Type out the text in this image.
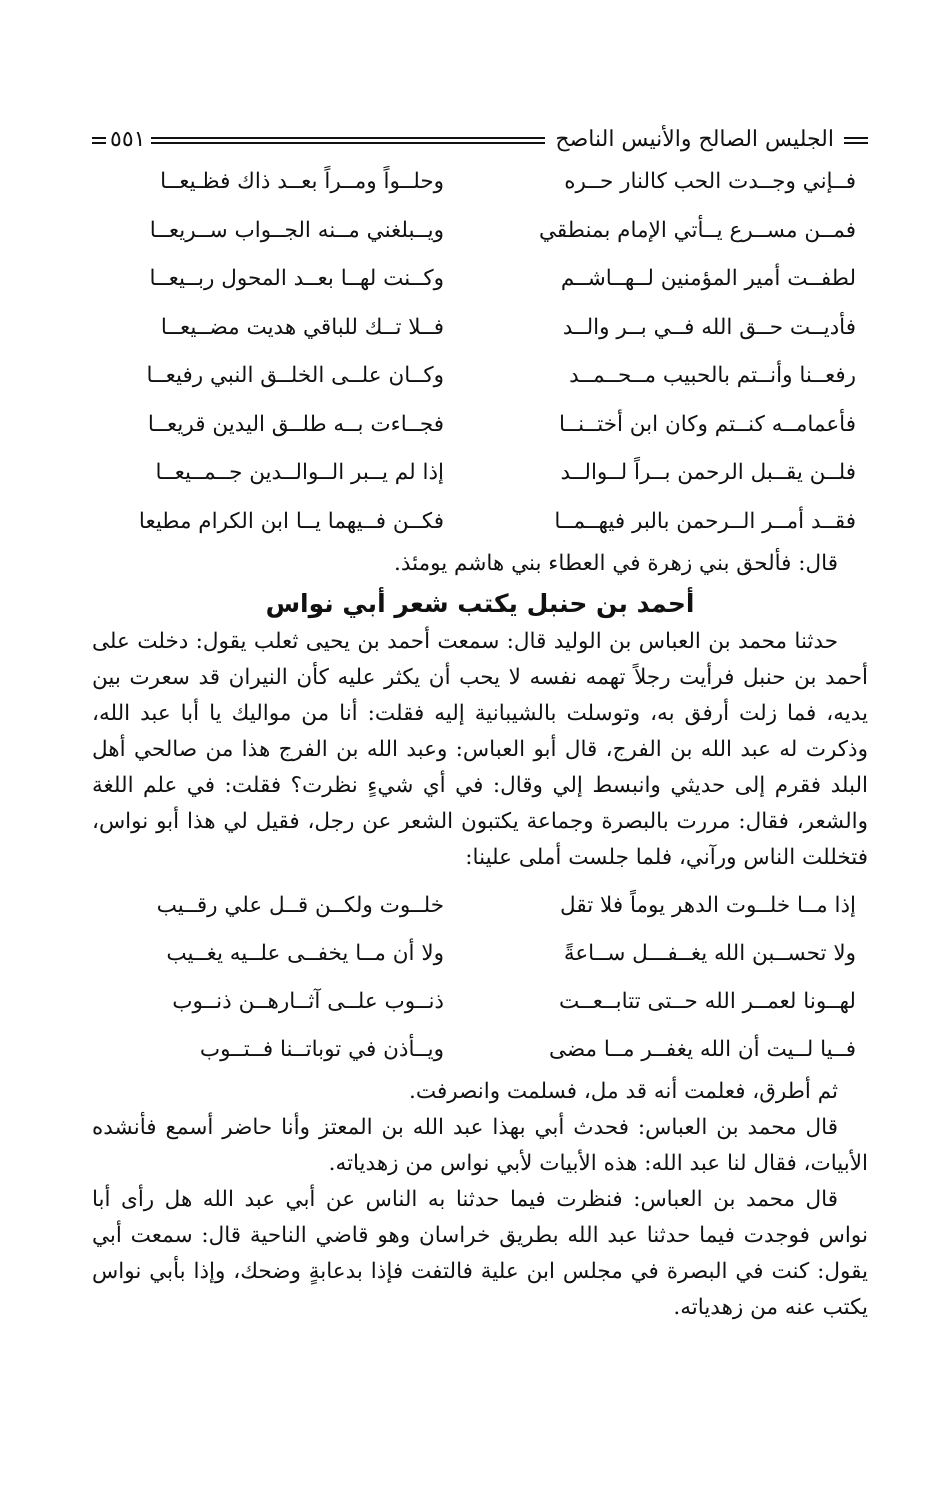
الجليس الصالح والأنيس الناصح
٥٥١
فــإني وجــدت الحب كالنار حــره
وحلــواً ومــراً بعــد ذاك فظـيعــا
فمــن مســرع يــأتي الإمام بمنطقي
ويــبلغني مــنه الجــواب ســريعــا
لطفــت أمير المؤمنين لــهــاشــم
وكــنت لهــا بعــد المحول ربــيعــا
فأديــت حــق الله فــي بــر والــد
فــلا تــك للباقي هديت مضــيعــا
رفعــنا وأنــتم بالحبيب مــحــمــد
وكــان علــى الخلــق النبي رفيعــا
فأعمامــه كنــتم وكان ابن أختــنــا
فجــاءت بــه طلــق اليدين قريعــا
فلــن يقــبل الرحمن بــراً لــوالــد
إذا لم يــبر الــوالــدين جــمــيعــا
فقــد أمــر الــرحمن بالبر فيهــمــا
فكــن فــيهما يــا ابن الكرام مطيعا

قال: فألحق بني زهرة في العطاء بني هاشم يومئذ.

أحمد بن حنبل يكتب شعر أبي نواس

حدثنا محمد بن العباس بن الوليد قال: سمعت أحمد بن يحيى ثعلب يقول: دخلت على أحمد بن حنبل فرأيت رجلاً تهمه نفسه لا يحب أن يكثر عليه كأن النيران قد سعرت بين يديه، فما زلت أرفق به، وتوسلت بالشيبانية إليه فقلت: أنا من مواليك يا أبا عبد الله، وذكرت له عبد الله بن الفرج، قال أبو العباس: وعبد الله بن الفرج هذا من صالحي أهل البلد فقرم إلى حديثي وانبسط إلي وقال: في أي شيءٍ نظرت؟ فقلت: في علم اللغة والشعر، فقال: مررت بالبصرة وجماعة يكتبون الشعر عن رجل، فقيل لي هذا أبو نواس، فتخللت الناس ورآني، فلما جلست أملى علينا:

إذا مــا خلــوت الدهر يوماً فلا تقل
خلــوت ولكــن قــل علي رقــيب
ولا تحســبن الله يغــفـــل ســاعةً
ولا أن مــا يخفــى علــيه يغــيب
لهــونا لعمــر الله حــتى تتابــعــت
ذنــوب علــى آثــارهــن ذنــوب
فــيا لــيت أن الله يغفــر مــا مضى
ويــأذن في توباتــنا فــتــوب

ثم أطرق، فعلمت أنه قد مل، فسلمت وانصرفت.

قال محمد بن العباس: فحدث أبي بهذا عبد الله بن المعتز وأنا حاضر أسمع فأنشده الأبيات، فقال لنا عبد الله: هذه الأبيات لأبي نواس من زهدياته.

قال محمد بن العباس: فنظرت فيما حدثنا به الناس عن أبي عبد الله هل رأى أبا نواس فوجدت فيما حدثنا عبد الله بطريق خراسان وهو قاضي الناحية قال: سمعت أبي يقول: كنت في البصرة في مجلس ابن علية فالتفت فإذا بدعابةٍ وضحك، وإذا بأبي نواس يكتب عنه من زهدياته.
